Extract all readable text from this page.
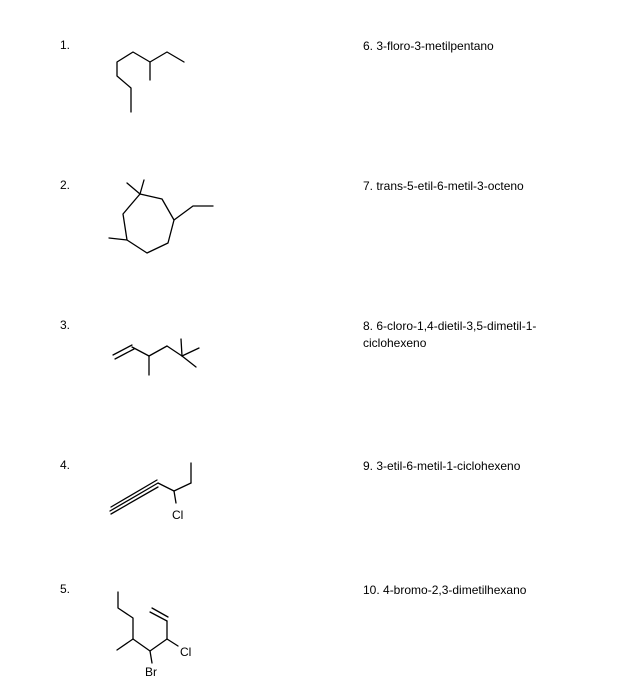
1.
2.
3.
4.
5.
6. 3-floro-3-metilpentano
7. trans-5-etil-6-metil-3-octeno
8. 6-cloro-1,4-dietil-3,5-dimetil-1-ciclohexeno
9. 3-etil-6-metil-1-ciclohexeno
10. 4-bromo-2,3-dimetilhexano
Cl
Cl
Br
